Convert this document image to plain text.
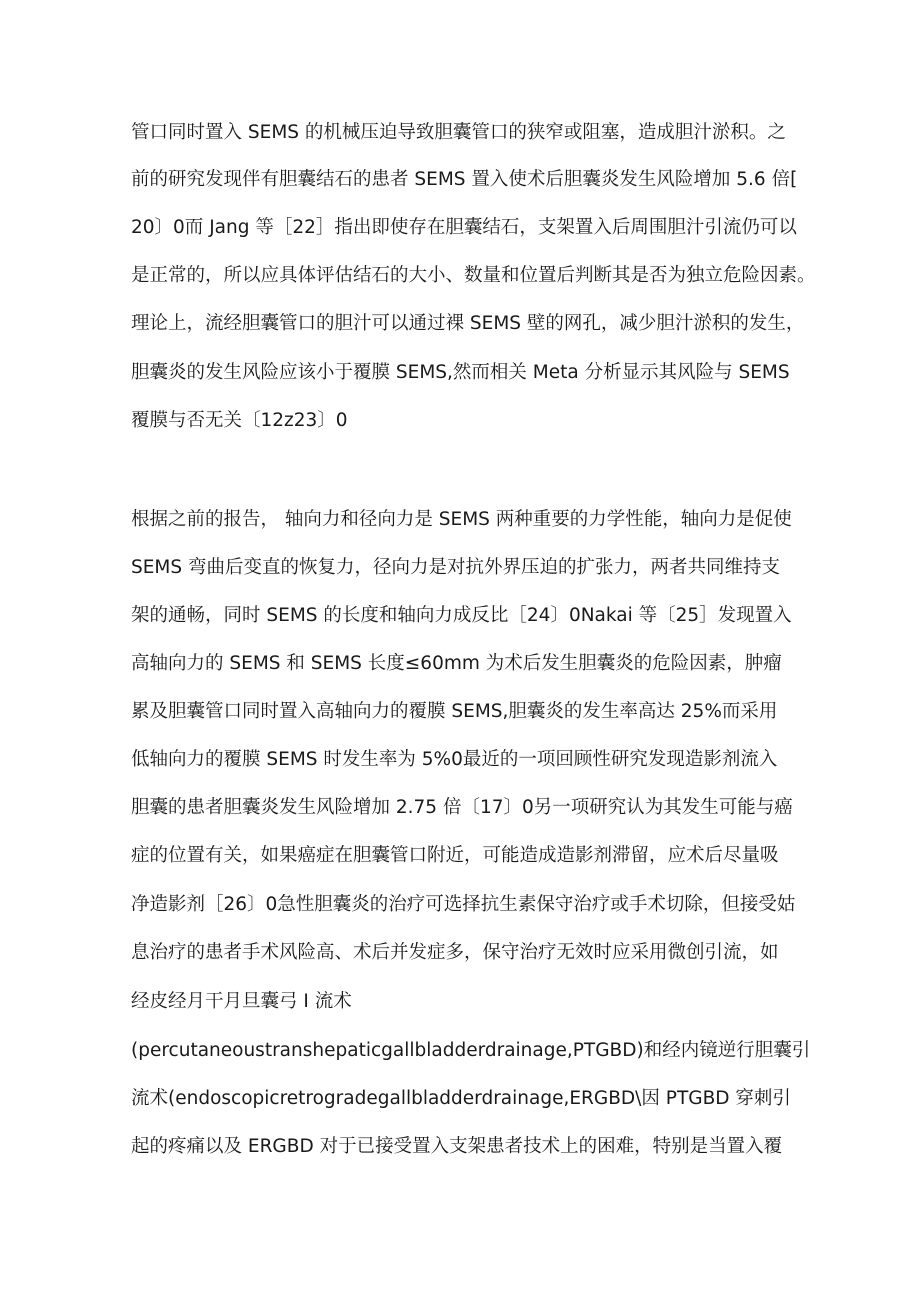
管口同时置入 SEMS 的机械压迫导致胆囊管口的狭窄或阻塞，造成胆汁淤积。之
前的研究发现伴有胆囊结石的患者 SEMS 置入使术后胆囊炎发生风险增加 5.6 倍[
20〕0而 Jang 等［22］指出即使存在胆囊结石，支架置入后周围胆汁引流仍可以
是正常的，所以应具体评估结石的大小、数量和位置后判断其是否为独立危险因素。
理论上，流经胆囊管口的胆汁可以通过裸 SEMS 壁的网孔，减少胆汁淤积的发生，
胆囊炎的发生风险应该小于覆膜 SEMS,然而相关 Meta 分析显示其风险与 SEMS
覆膜与否无关〔12z23〕0
根据之前的报告， 轴向力和径向力是 SEMS 两种重要的力学性能，轴向力是促使
SEMS 弯曲后变直的恢复力，径向力是对抗外界压迫的扩张力，两者共同维持支
架的通畅，同时 SEMS 的长度和轴向力成反比［24〕0Nakai 等〔25］发现置入
高轴向力的 SEMS 和 SEMS 长度≤60mm 为术后发生胆囊炎的危险因素，肿瘤
累及胆囊管口同时置入高轴向力的覆膜 SEMS,胆囊炎的发生率高达 25%而采用
低轴向力的覆膜 SEMS 时发生率为 5%0最近的一项回顾性研究发现造影剂流入
胆囊的患者胆囊炎发生风险增加 2.75 倍〔17〕0另一项研究认为其发生可能与癌
症的位置有关，如果癌症在胆囊管口附近，可能造成造影剂滞留，应术后尽量吸
净造影剂［26〕0急性胆囊炎的治疗可选择抗生素保守治疗或手术切除，但接受姑
息治疗的患者手术风险高、术后并发症多，保守治疗无效时应采用微创引流，如
经皮经月干月旦囊弓 I 流术
(percutaneoustranshepaticgallbladderdrainage,PTGBD)和经内镜逆行胆囊引
流术(endoscopicretrogradegallbladderdrainage,ERGBD\因 PTGBD 穿刺引
起的疼痛以及 ERGBD 对于已接受置入支架患者技术上的困难，特别是当置入覆
